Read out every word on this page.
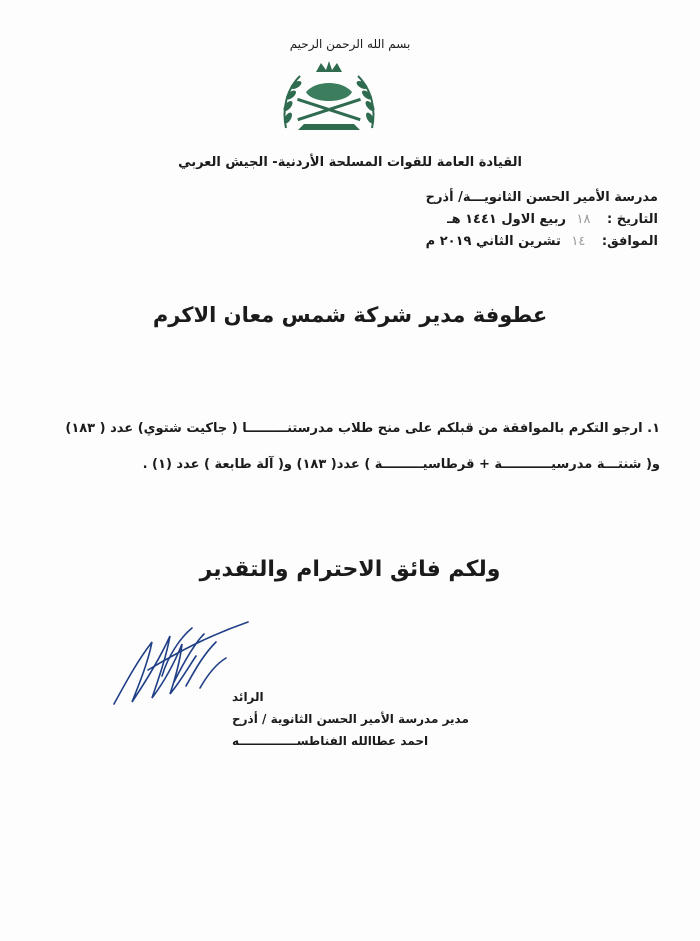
بسم الله الرحمن الرحيم
القيادة العامة للقوات المسلحة الأردنية- الجيش العربي
مدرسة الأمير الحسن الثانويـــة/ أذرح
التاريخ : ١٨ ربيع الاول ١٤٤١ هـ
الموافق: ١٤ تشرين الثاني ٢٠١٩ م
عطوفة مدير شركة شمس معان الاكرم
١. ارجو التكرم بالموافقة من قبلكم على منح طلاب مدرستنـــــــــا ( جاكيت شتوي) عدد ( ١٨٣)
و( شنتـــة مدرسيـــــــــــة + قرطاسيـــــــــة ) عدد( ١٨٣) و( آلة طابعة ) عدد (١) .
ولكم فائق الاحترام والتقدير
الرائد
مدير مدرسة الأمير الحسن الثانوية / أذرح
احمد عطاالله الفناطســــــــــــــه
